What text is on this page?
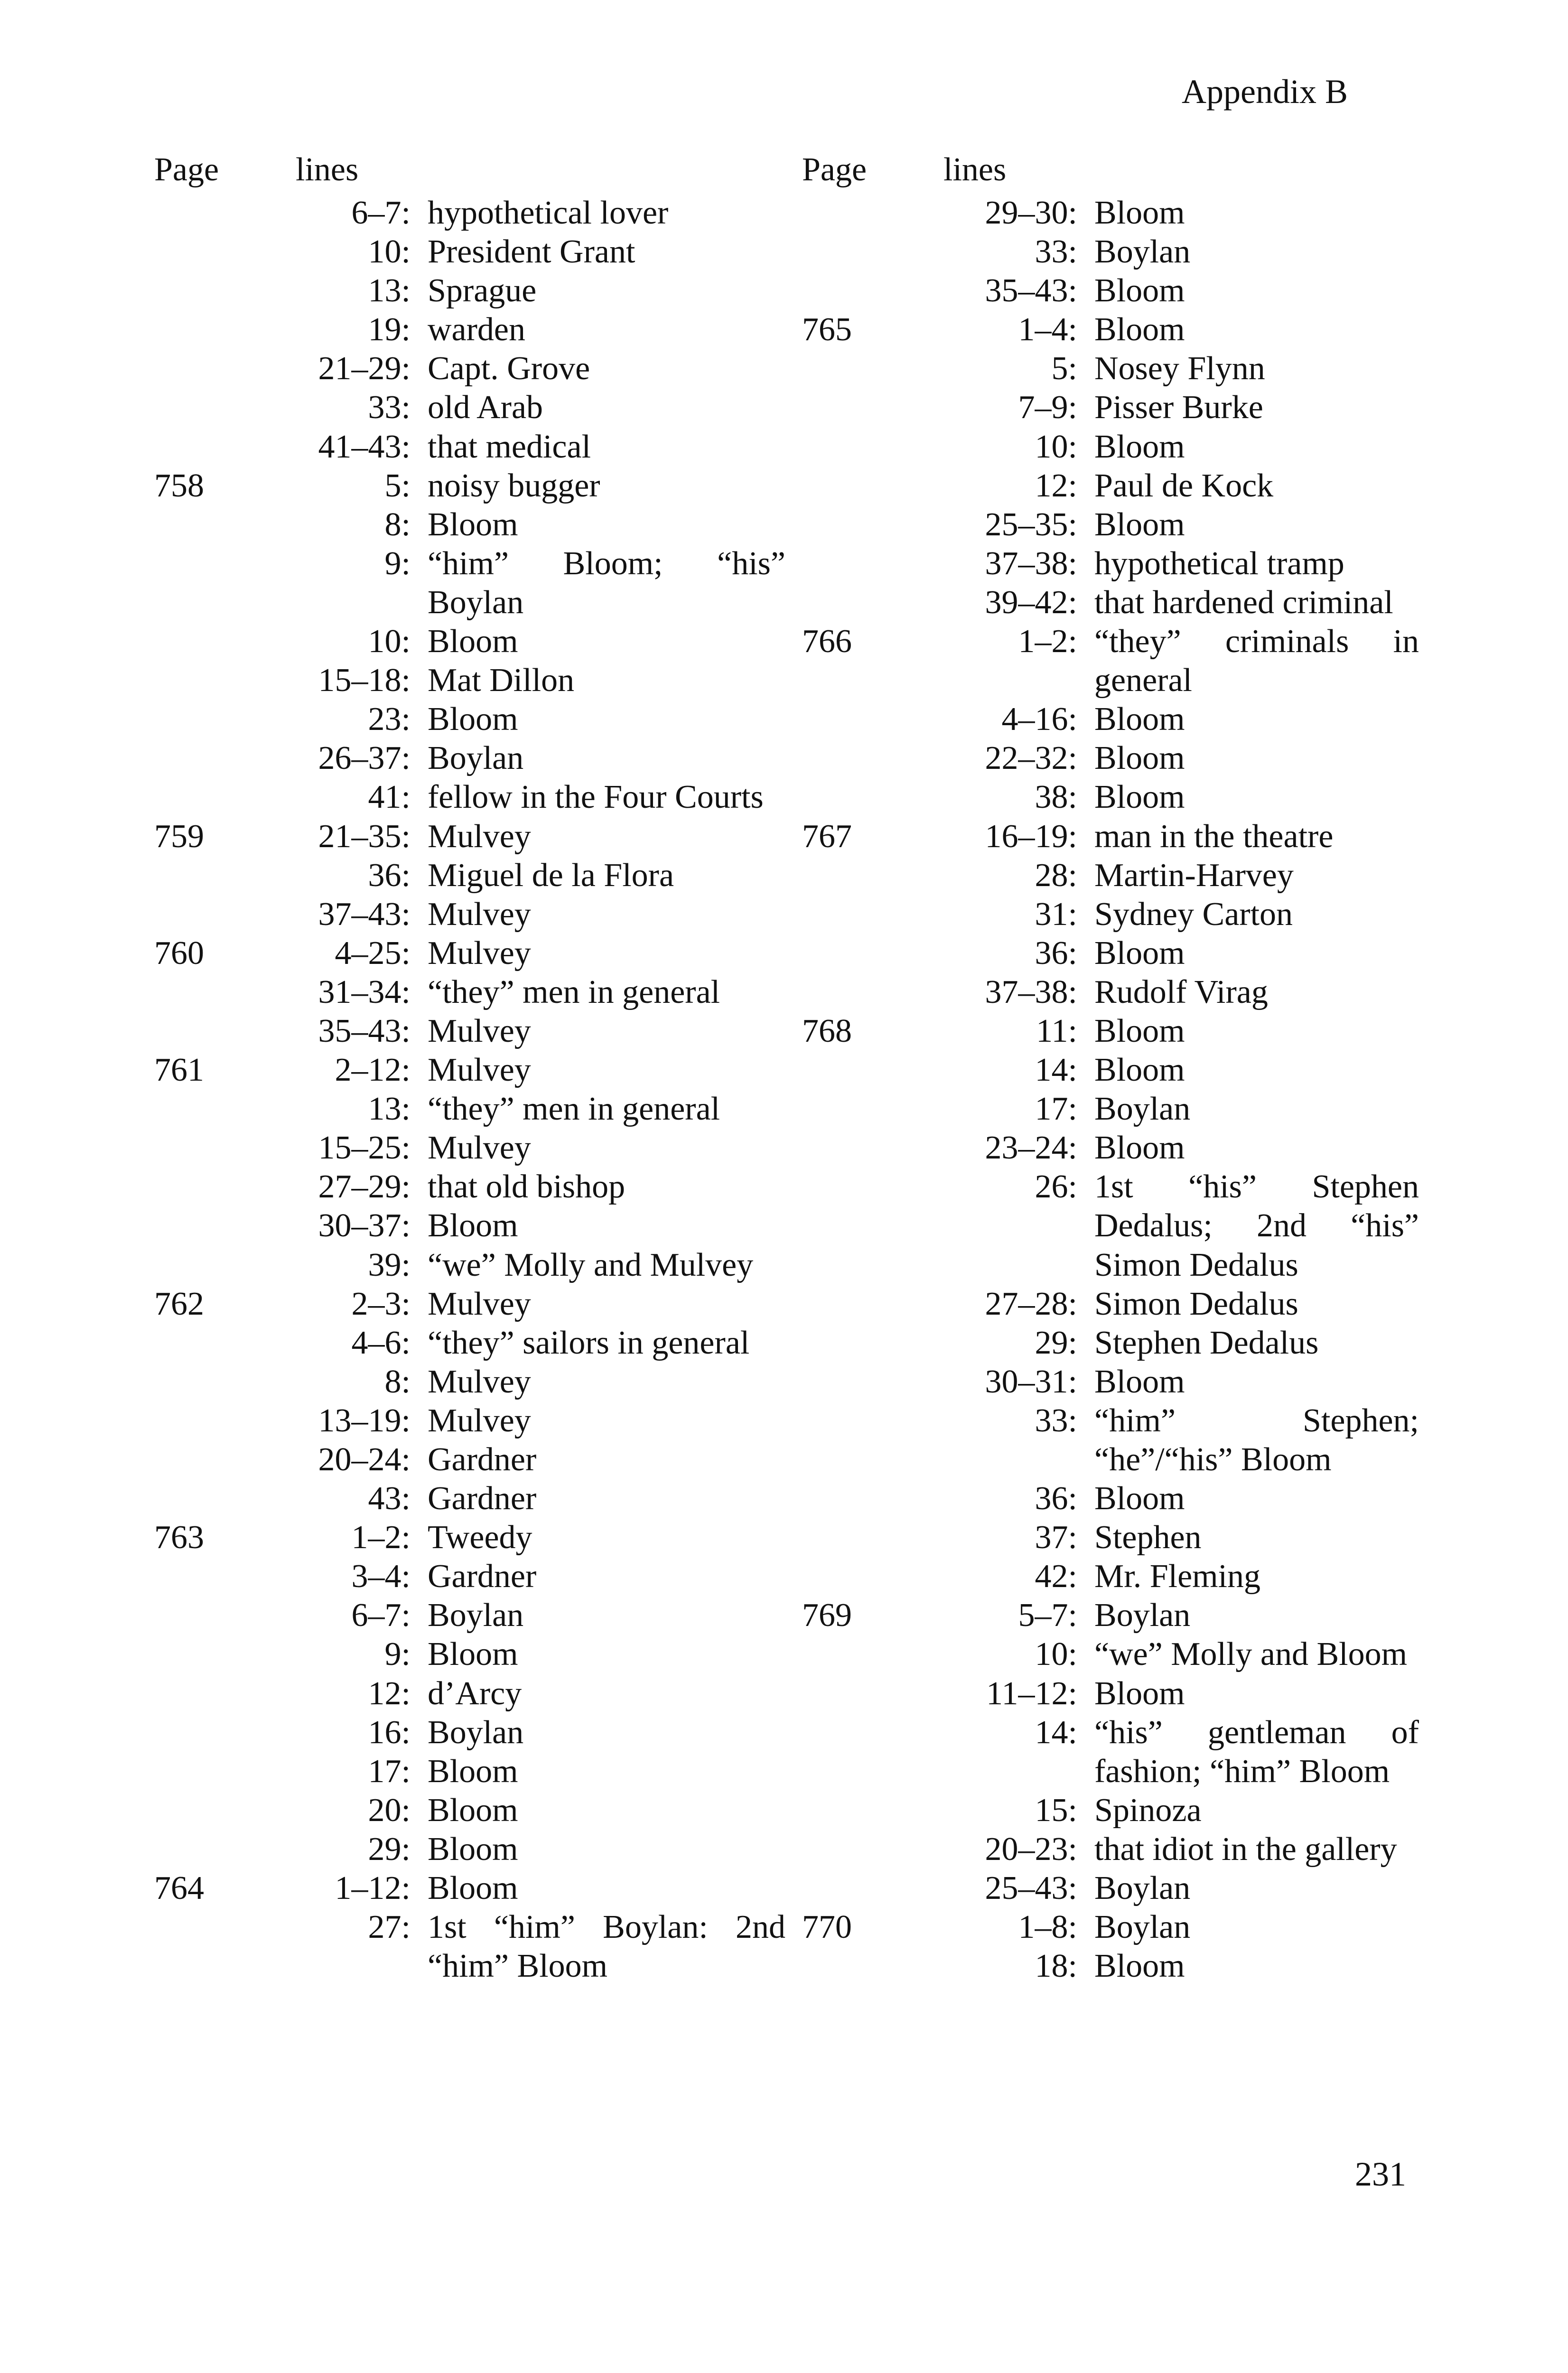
Appendix B
Page lines
6–7: hypothetical lover
10: President Grant
13: Sprague
19: warden
21–29: Capt. Grove
33: old Arab
41–43: that medical
758	5: noisy bugger
8: Bloom
9: “him” Bloom; “his” Boylan
10: Bloom
15–18: Mat Dillon
23: Bloom
26–37: Boylan
41: fellow in the Four Courts
759	21–35: Mulvey
36: Miguel de la Flora
37–43: Mulvey
760	4–25: Mulvey
31–34: “they” men in general
35–43: Mulvey
761	2–12: Mulvey
13: “they” men in general
15–25: Mulvey
27–29: that old bishop
30–37: Bloom
39: “we” Molly and Mulvey
762	2–3: Mulvey
4–6: “they” sailors in general
8: Mulvey
13–19: Mulvey
20–24: Gardner
43: Gardner
763	1–2: Tweedy
3–4: Gardner
6–7: Boylan
9: Bloom
12: d’Arcy
16: Boylan
17: Bloom
20: Bloom
29: Bloom
764	1–12: Bloom
27: 1st “him” Boylan: 2nd “him” Bloom
Page lines
29–30: Bloom
33: Boylan
35–43: Bloom
765	1–4: Bloom
5: Nosey Flynn
7–9: Pisser Burke
10: Bloom
12: Paul de Kock
25–35: Bloom
37–38: hypothetical tramp
39–42: that hardened criminal
766	1–2: “they” criminals in general
4–16: Bloom
22–32: Bloom
38: Bloom
767	16–19: man in the theatre
28: Martin-Harvey
31: Sydney Carton
36: Bloom
37–38: Rudolf Virag
768	11: Bloom
14: Bloom
17: Boylan
23–24: Bloom
26: 1st “his” Stephen Dedalus; 2nd “his” Simon Dedalus
27–28: Simon Dedalus
29: Stephen Dedalus
30–31: Bloom
33: “him” Stephen; “he”/“his” Bloom
36: Bloom
37: Stephen
42: Mr. Fleming
769	5–7: Boylan
10: “we” Molly and Bloom
11–12: Bloom
14: “his” gentleman of fashion; “him” Bloom
15: Spinoza
20–23: that idiot in the gallery
25–43: Boylan
770	1–8: Boylan
18: Bloom
231
